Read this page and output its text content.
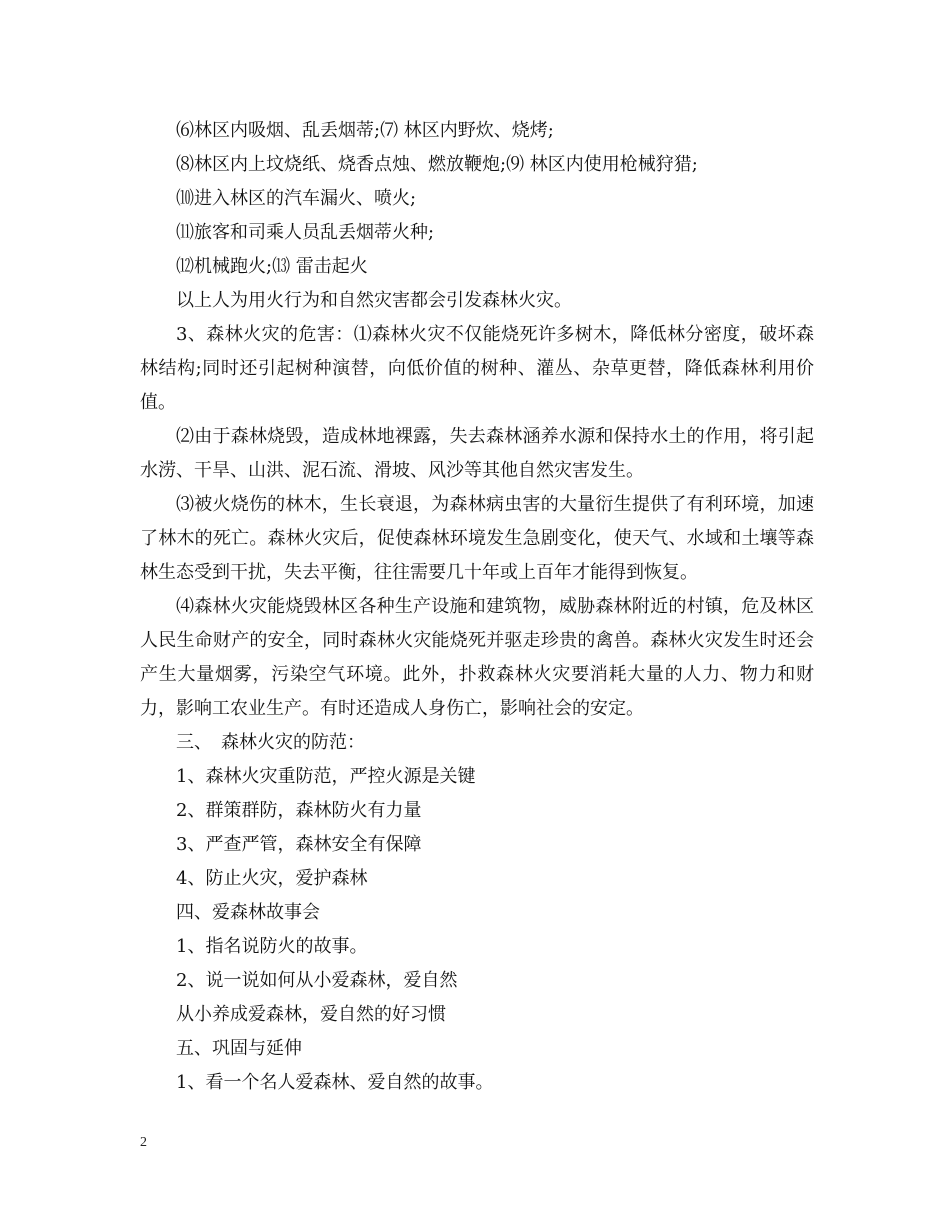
⑹林区内吸烟、乱丢烟蒂;⑺ 林区内野炊、烧烤;

⑻林区内上坟烧纸、烧香点烛、燃放鞭炮;⑼ 林区内使用枪械狩猎;

⑽进入林区的汽车漏火、喷火;

⑾旅客和司乘人员乱丢烟蒂火种;

⑿机械跑火;⒀ 雷击起火

以上人为用火行为和自然灾害都会引发森林火灾。

3、森林火灾的危害：⑴森林火灾不仅能烧死许多树木，降低林分密度，破坏森林结构;同时还引起树种演替，向低价值的树种、灌丛、杂草更替，降低森林利用价值。

⑵由于森林烧毁，造成林地裸露，失去森林涵养水源和保持水土的作用，将引起水涝、干旱、山洪、泥石流、滑坡、风沙等其他自然灾害发生。

⑶被火烧伤的林木，生长衰退，为森林病虫害的大量衍生提供了有利环境，加速了林木的死亡。森林火灾后，促使森林环境发生急剧变化，使天气、水域和土壤等森林生态受到干扰，失去平衡，往往需要几十年或上百年才能得到恢复。

⑷森林火灾能烧毁林区各种生产设施和建筑物，威胁森林附近的村镇，危及林区人民生命财产的安全，同时森林火灾能烧死并驱走珍贵的禽兽。森林火灾发生时还会产生大量烟雾，污染空气环境。此外，扑救森林火灾要消耗大量的人力、物力和财力，影响工农业生产。有时还造成人身伤亡，影响社会的安定。

三、　森林火灾的防范：

1、森林火灾重防范，严控火源是关键

2、群策群防，森林防火有力量

3、严查严管，森林安全有保障

4、防止火灾，爱护森林

四、爱森林故事会

1、指名说防火的故事。

2、说一说如何从小爱森林，爱自然

从小养成爱森林，爱自然的好习惯

五、巩固与延伸

1、看一个名人爱森林、爱自然的故事。

2
